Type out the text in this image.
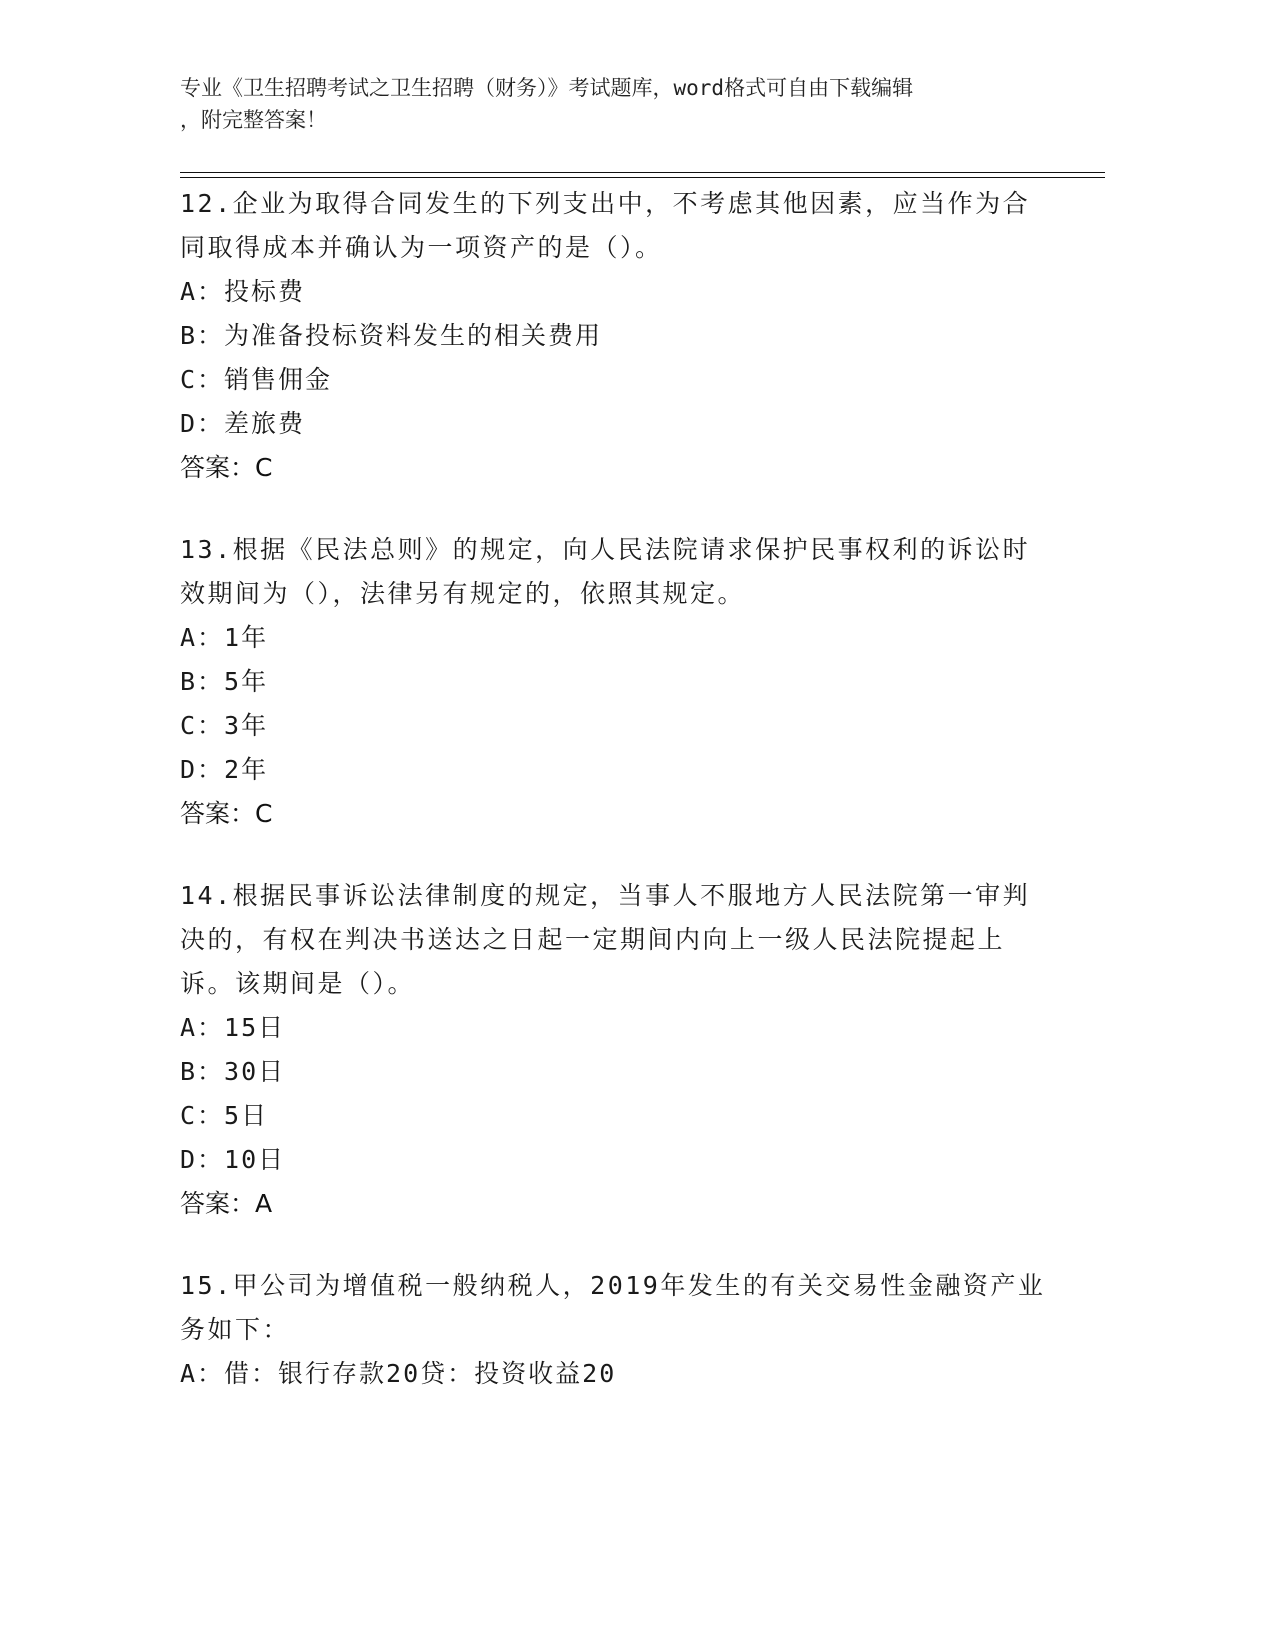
专业《卫生招聘考试之卫生招聘（财务）》考试题库，word格式可自由下载编辑
，附完整答案！

12.企业为取得合同发生的下列支出中，不考虑其他因素，应当作为合

同取得成本并确认为一项资产的是（）。

A：投标费

B：为准备投标资料发生的相关费用

C：销售佣金

D：差旅费

答案：C

13.根据《民法总则》的规定，向人民法院请求保护民事权利的诉讼时

效期间为（），法律另有规定的，依照其规定。

A：1年

B：5年

C：3年

D：2年

答案：C

14.根据民事诉讼法律制度的规定，当事人不服地方人民法院第一审判

决的，有权在判决书送达之日起一定期间内向上一级人民法院提起上

诉。该期间是（）。

A：15日

B：30日

C：5日

D：10日

答案：A

15.甲公司为增值税一般纳税人，2019年发生的有关交易性金融资产业

务如下：

A：借：银行存款20贷：投资收益20
